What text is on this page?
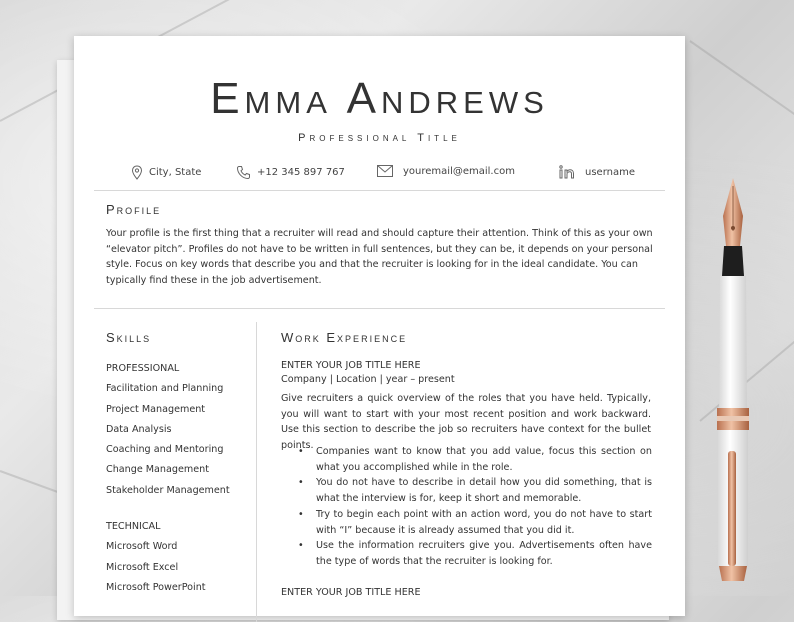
Emma Andrews
Professional Title
City, State	+12 345 897 767	youremail@email.com	username
Profile
Your profile is the first thing that a recruiter will read and should capture their attention. Think of this as your own “elevator pitch”. Profiles do not have to be written in full sentences, but they can be, it depends on your personal style. Focus on key words that describe you and that the recruiter is looking for in the ideal candidate. You can typically find these in the job advertisement.
Skills
PROFESSIONAL
Facilitation and Planning
Project Management
Data Analysis
Coaching and Mentoring
Change Management
Stakeholder Management
TECHNICAL
Microsoft Word
Microsoft Excel
Microsoft PowerPoint
Work Experience
ENTER YOUR JOB TITLE HERE
Company | Location | year – present
Give recruiters a quick overview of the roles that you have held. Typically, you will want to start with your most recent position and work backward. Use this section to describe the job so recruiters have context for the bullet points.
• Companies want to know that you add value, focus this section on what you accomplished while in the role.
• You do not have to describe in detail how you did something, that is what the interview is for, keep it short and memorable.
• Try to begin each point with an action word, you do not have to start with “I” because it is already assumed that you did it.
• Use the information recruiters give you. Advertisements often have the type of words that the recruiter is looking for.
ENTER YOUR JOB TITLE HERE
